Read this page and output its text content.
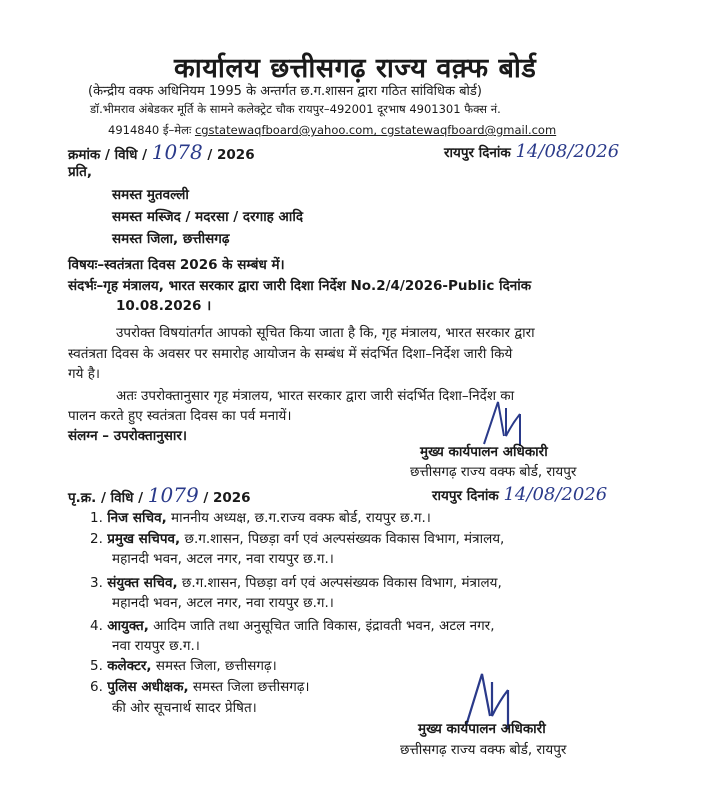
कार्यालय छत्तीसगढ़ राज्य वक़्फ बोर्ड
(केन्द्रीय वक्फ अधिनियम 1995 के अन्तर्गत छ.ग.शासन द्वारा गठित सांविधिक बोर्ड)
डॉ.भीमराव अंबेडकर मूर्ति के सामने कलेक्ट्रेट चौक रायपुर–492001 दूरभाष 4901301 फैक्स नं.
4914840 ई–मेलः cgstatewaqfboard@yahoo.com, cgstatewaqfboard@gmail.com
क्रमांक / विधि / 1078 / 2026	रायपुर दिनांक 14/08/2026
प्रति,
समस्त मुतवल्ली
समस्त मस्जिद / मदरसा / दरगाह आदि
समस्त जिला, छत्तीसगढ़
विषयः–स्वतंत्रता दिवस 2026 के सम्बंध में।
संदर्भः–गृह मंत्रालय, भारत सरकार द्वारा जारी दिशा निर्देश No.2/4/2026-Public दिनांक
10.08.2026 ।
उपरोक्त विषयांतर्गत आपको सूचित किया जाता है कि, गृह मंत्रालय, भारत सरकार द्वारा
स्वतंत्रता दिवस के अवसर पर समारोह आयोजन के सम्बंध में संदर्भित दिशा–निर्देश जारी किये
गये है।
अतः उपरोक्तानुसार गृह मंत्रालय, भारत सरकार द्वारा जारी संदर्भित दिशा–निर्देश का
पालन करते हुए स्वतंत्रता दिवस का पर्व मनायें।
संलग्न – उपरोक्तानुसार।
मुख्य कार्यपालन अधिकारी
छत्तीसगढ़ राज्य वक्फ बोर्ड, रायपुर
पृ.क्र. / विधि / 1079 / 2026	रायपुर दिनांक 14/08/2026
1. निज सचिव, माननीय अध्यक्ष, छ.ग.राज्य वक्फ बोर्ड, रायपुर छ.ग.।
2. प्रमुख सचिपव, छ.ग.शासन, पिछड़ा वर्ग एवं अल्पसंख्यक विकास विभाग, मंत्रालय,
महानदी भवन, अटल नगर, नवा रायपुर छ.ग.।
3. संयुक्त सचिव, छ.ग.शासन, पिछड़ा वर्ग एवं अल्पसंख्यक विकास विभाग, मंत्रालय,
महानदी भवन, अटल नगर, नवा रायपुर छ.ग.।
4. आयुक्त, आदिम जाति तथा अनुसूचित जाति विकास, इंद्रावती भवन, अटल नगर,
नवा रायपुर छ.ग.।
5. कलेक्टर, समस्त जिला, छत्तीसगढ़।
6. पुलिस अधीक्षक, समस्त जिला छत्तीसगढ़।
की ओर सूचनार्थ सादर प्रेषित।
मुख्य कार्यपालन अधिकारी
छत्तीसगढ़ राज्य वक्फ बोर्ड, रायपुर
